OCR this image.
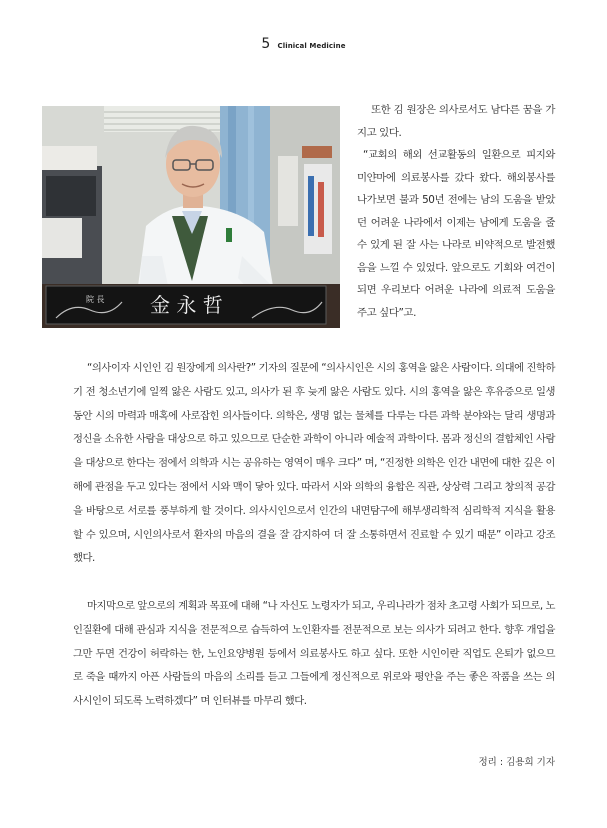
5 Clinical Medicine
院 長 金 永 哲

또한 김 원장은 의사로서도 남다른 꿈을 가지고 있다.

“교회의 해외 선교활동의 일환으로 피지와 미얀마에 의료봉사를 갔다 왔다. 해외봉사를 나가보면 불과 50년 전에는 남의 도움을 받았던 어려운 나라에서 이제는 남에게 도움을 줄 수 있게 된 잘 사는 나라로 비약적으로 발전했음을 느낄 수 있었다. 앞으로도 기회와 여건이 되면 우리보다 어려운 나라에 의료적 도움을 주고 싶다”고.

“의사이자 시인인 김 원장에게 의사란?” 기자의 질문에 “의사시인은 시의 홍역을 앓은 사람이다. 의대에 진학하기 전 청소년기에 일찍 앓은 사람도 있고, 의사가 된 후 늦게 앓은 사람도 있다. 시의 홍역을 앓은 후유증으로 일생 동안 시의 마력과 매혹에 사로잡힌 의사들이다. 의학은, 생명 없는 물체를 다루는 다른 과학 분야와는 달리 생명과 정신을 소유한 사람을 대상으로 하고 있으므로 단순한 과학이 아니라 예술적 과학이다. 몸과 정신의 결합체인 사람을 대상으로 한다는 점에서 의학과 시는 공유하는 영역이 매우 크다” 며, “진정한 의학은 인간 내면에 대한 깊은 이해에 관점을 두고 있다는 점에서 시와 맥이 닿아 있다. 따라서 시와 의학의 융합은 직관, 상상력 그리고 창의적 공감을 바탕으로 서로를 풍부하게 할 것이다. 의사시인으로서 인간의 내면탐구에 해부생리학적 심리학적 지식을 활용할 수 있으며, 시인의사로서 환자의 마음의 결을 잘 감지하여 더 잘 소통하면서 진료할 수 있기 때문” 이라고 강조했다.

마지막으로 앞으로의 계획과 목표에 대해 “나 자신도 노령자가 되고, 우리나라가 점차 초고령 사회가 되므로, 노인질환에 대해 관심과 지식을 전문적으로 습득하여 노인환자를 전문적으로 보는 의사가 되려고 한다. 향후 개업을 그만 두면 건강이 허락하는 한, 노인요양병원 등에서 의료봉사도 하고 싶다. 또한 시인이란 직업도 은퇴가 없으므로 죽을 때까지 아픈 사람들의 마음의 소리를 듣고 그들에게 정신적으로 위로와 평안을 주는 좋은 작품을 쓰는 의사시인이 되도록 노력하겠다” 며 인터뷰를 마무리 했다.

정리 : 김용희 기자
